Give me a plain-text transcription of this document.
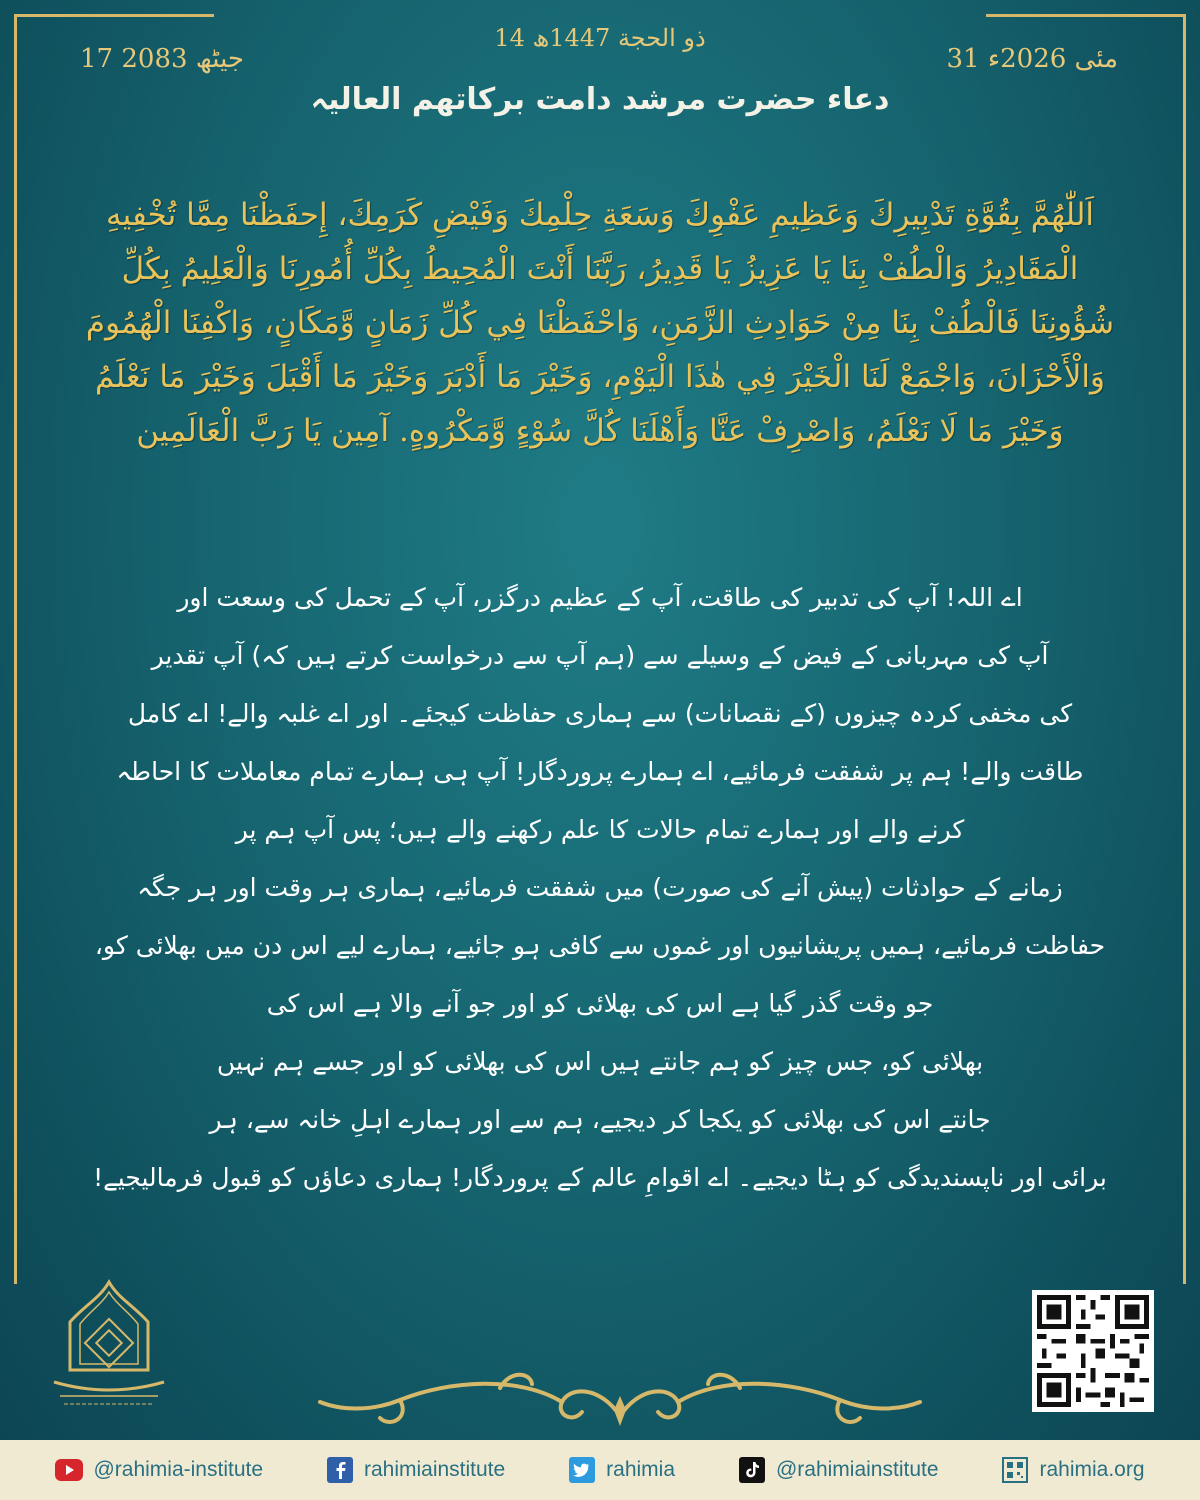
14 ذو الحجة 1447ھ
31 مئی 2026ء
17 جیٹھ 2083
دعاء حضرت مرشد دامت برکاتھم العالیہ
اَللّٰهُمَّ بِقُوَّةِ تَدْبِيرِكَ وَعَظِيمِ عَفْوِكَ وَسَعَةِ حِلْمِكَ وَفَيْضِ كَرَمِكَ، إِحفَظْنَا مِمَّا تُخْفِيهِ الْمَقَادِيرُ وَالْطُفْ بِنَا يَا عَزِيزُ يَا قَدِيرُ، رَبَّنَا أَنْتَ الْمُحِيطُ بِكُلِّ أُمُورِنَا وَالْعَلِيمُ بِكُلِّ شُؤُونِنَا فَالْطُفْ بِنَا مِنْ حَوَادِثِ الزَّمَنِ، وَاحْفَظْنَا فِي كُلِّ زَمَانٍ وَّمَكَانٍ، وَاكْفِنَا الْهُمُومَ وَالْأَحْزَانَ، وَاجْمَعْ لَنَا الْخَيْرَ فِي هٰذَا الْيَوْمِ، وَخَيْرَ مَا أَدْبَرَ وَخَيْرَ مَا أَقْبَلَ وَخَيْرَ مَا نَعْلَمُ وَخَيْرَ مَا لَا نَعْلَمُ، وَاصْرِفْ عَنَّا وَأَهْلَنَا كُلَّ سُوْءٍ وَّمَكْرُوهٍ. آمِين يَا رَبَّ الْعَالَمِين
اے اللہ! آپ کی تدبیر کی طاقت، آپ کے عظیم درگزر، آپ کے تحمل کی وسعت اور
آپ کی مہربانی کے فیض کے وسیلے سے (ہم آپ سے درخواست کرتے ہیں کہ) آپ تقدیر
کی مخفی کردہ چیزوں (کے نقصانات) سے ہماری حفاظت کیجئے۔ اور اے غلبہ والے! اے کامل
طاقت والے! ہم پر شفقت فرمائیے، اے ہمارے پروردگار! آپ ہی ہمارے تمام معاملات کا احاطہ
کرنے والے اور ہمارے تمام حالات کا علم رکھنے والے ہیں؛ پس آپ ہم پر
زمانے کے حوادثات (پیش آنے کی صورت) میں شفقت فرمائیے، ہماری ہر وقت اور ہر جگہ
حفاظت فرمائیے، ہمیں پریشانیوں اور غموں سے کافی ہو جائیے، ہمارے لیے اس دن میں بھلائی کو،
جو وقت گذر گیا ہے اس کی بھلائی کو اور جو آنے والا ہے اس کی
بھلائی کو، جس چیز کو ہم جانتے ہیں اس کی بھلائی کو اور جسے ہم نہیں
جانتے اس کی بھلائی کو یکجا کر دیجیے، ہم سے اور ہمارے اہلِ خانہ سے، ہر
برائی اور ناپسندیدگی کو ہٹا دیجیے۔ اے اقوامِ عالم کے پروردگار! ہماری دعاؤں کو قبول فرمالیجیے!
@rahimia-institute	rahimiainstitute	rahimia	@rahimiainstitute	rahimia.org
